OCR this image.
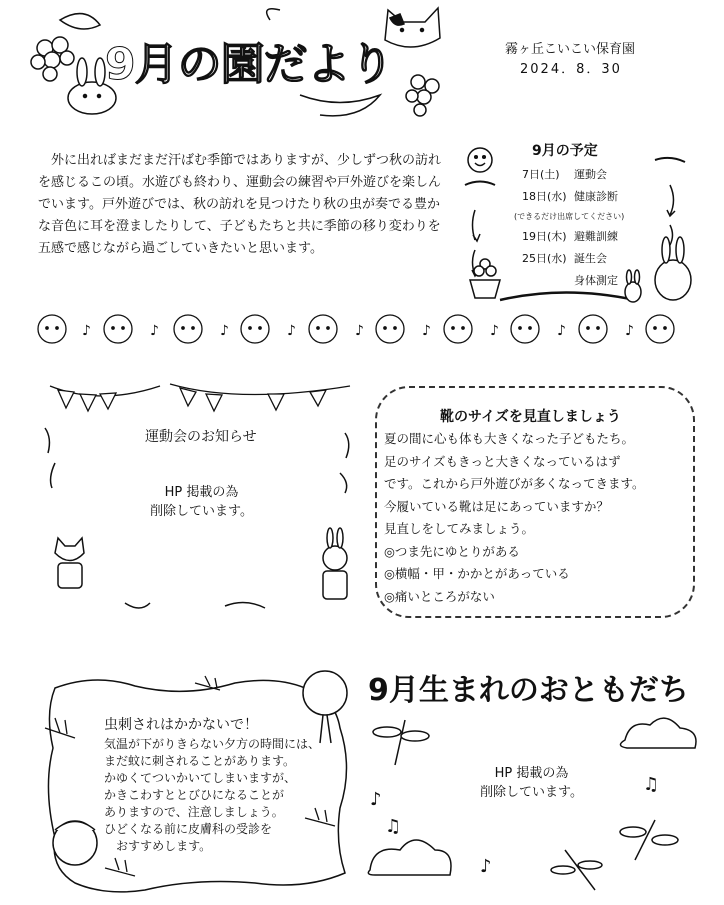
9月の園だより	霧ヶ丘こいこい保育園
2024．8．30
外に出ればまだまだ汗ばむ季節ではありますが、少しずつ秋の訪れを感じるこの頃。水遊びも終わり、運動会の練習や戸外遊びを楽しんでいます。戸外遊びでは、秋の訪れを見つけたり秋の虫が奏でる豊かな音色に耳を澄ましたりして、子どもたちと共に季節の移り変わりを五感で感じながら過ごしていきたいと思います。
9月の予定
7日(土)	運動会
18日(水) 健康診断
(できるだけ出席してください)
19日(木) 避難訓練
25日(水) 誕生会
身体測定
♪	♪	♪	♪	♪	♪	♪	♪	♪
運動会のお知らせ
HP 掲載の為
削除しています。
靴のサイズを見直しましょう
夏の間に心も体も大きくなった子どもたち。
足のサイズもきっと大きくなっているはず
です。これから戸外遊びが多くなってきます。
今履いている靴は足にあっていますか？
見直しをしてみましょう。
◎つま先にゆとりがある
◎横幅・甲・かかとがあっている
◎痛いところがない
虫刺されはかかないで！
気温が下がりきらない夕方の時間には、
まだ蚊に刺されることがあります。
かゆくてついかいてしまいますが、
かきこわすととびひになることが
ありますので、注意しましょう。
ひどくなる前に皮膚科の受診を
　おすすめします。
9月生まれのおともだち
♪
♫
♪
♫
HP 掲載の為
削除しています。
